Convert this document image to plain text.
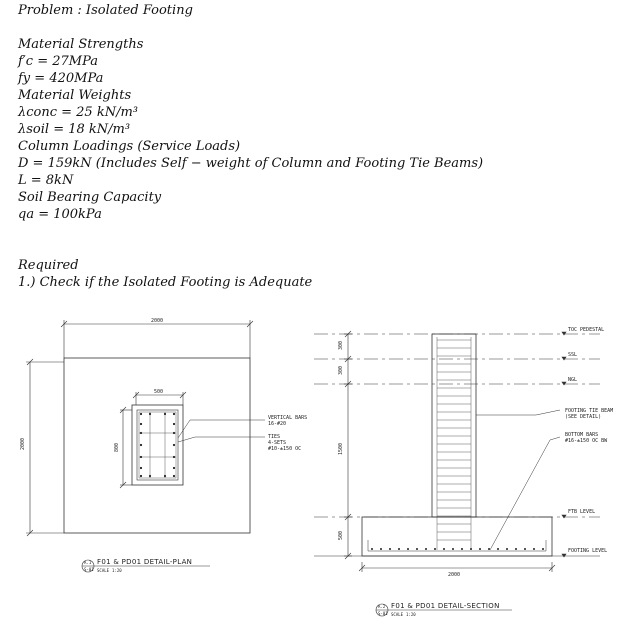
Problem : Isolated Footing
Material Strengths
f′c = 27MPa
fy = 420MPa
Material Weights
λconc = 25 kN/m³
λsoil = 18 kN/m³
Column Loadings (Service Loads)
D = 159kN (Includes Self − weight of Column and Footing Tie Beams)
L = 8kN
Soil Bearing Capacity
qa = 100kPa
Required
1.) Check if the Isolated Footing is Adequate
2000
2000
500
800
VERTICAL BARS
16-#20
TIES
4-SETS
#10-±150 OC
A.1
S-01
F01 & PD01 DETAIL-PLAN
SCALE 1:20
300
300
1500
500
2000
TOC PEDESTAL
SSL
NGL
FOOTING TIE BEAM
(SEE DETAIL)
BOTTOM BARS
#16-±150 OC BW
FTB LEVEL
FOOTING LEVEL
A.2
S-01
F01 & PD01 DETAIL-SECTION
SCALE 1:20
